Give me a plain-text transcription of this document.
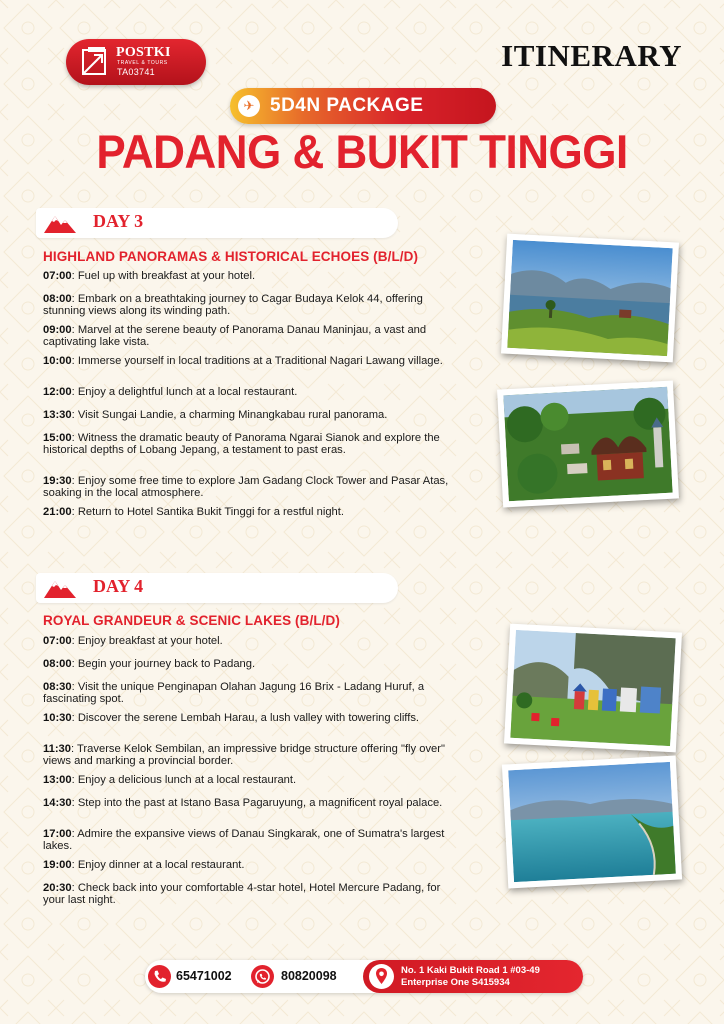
POSTKI
TRAVEL & TOURS
TA03741	ITINERARY
✈ 5D4N PACKAGE
PADANG & BUKIT TINGGI
DAY 3
HIGHLAND PANORAMAS & HISTORICAL ECHOES (B/L/D)
07:00: Fuel up with breakfast at your hotel.
08:00: Embark on a breathtaking journey to Cagar Budaya Kelok 44, offering stunning views along its winding path.
09:00: Marvel at the serene beauty of Panorama Danau Maninjau, a vast and captivating lake vista.
10:00: Immerse yourself in local traditions at a Traditional Nagari Lawang village.
12:00: Enjoy a delightful lunch at a local restaurant.
13:30: Visit Sungai Landie, a charming Minangkabau rural panorama.
15:00: Witness the dramatic beauty of Panorama Ngarai Sianok and explore the historical depths of Lobang Jepang, a testament to past eras.
19:30: Enjoy some free time to explore Jam Gadang Clock Tower and Pasar Atas, soaking in the local atmosphere.
21:00: Return to Hotel Santika Bukit Tinggi for a restful night.
DAY 4
ROYAL GRANDEUR & SCENIC LAKES (B/L/D)
07:00: Enjoy breakfast at your hotel.
08:00: Begin your journey back to Padang.
08:30: Visit the unique Penginapan Olahan Jagung 16 Brix - Ladang Huruf, a fascinating spot.
10:30: Discover the serene Lembah Harau, a lush valley with towering cliffs.
11:30: Traverse Kelok Sembilan, an impressive bridge structure offering "fly over" views and marking a provincial border.
13:00: Enjoy a delicious lunch at a local restaurant.
14:30: Step into the past at Istano Basa Pagaruyung, a magnificent royal palace.
17:00: Admire the expansive views of Danau Singkarak, one of Sumatra's largest lakes.
19:00: Enjoy dinner at a local restaurant.
20:30: Check back into your comfortable 4-star hotel, Hotel Mercure Padang, for your last night.
65471002	80820098	No. 1 Kaki Bukit Road 1 #03-49
Enterprise One S415934
